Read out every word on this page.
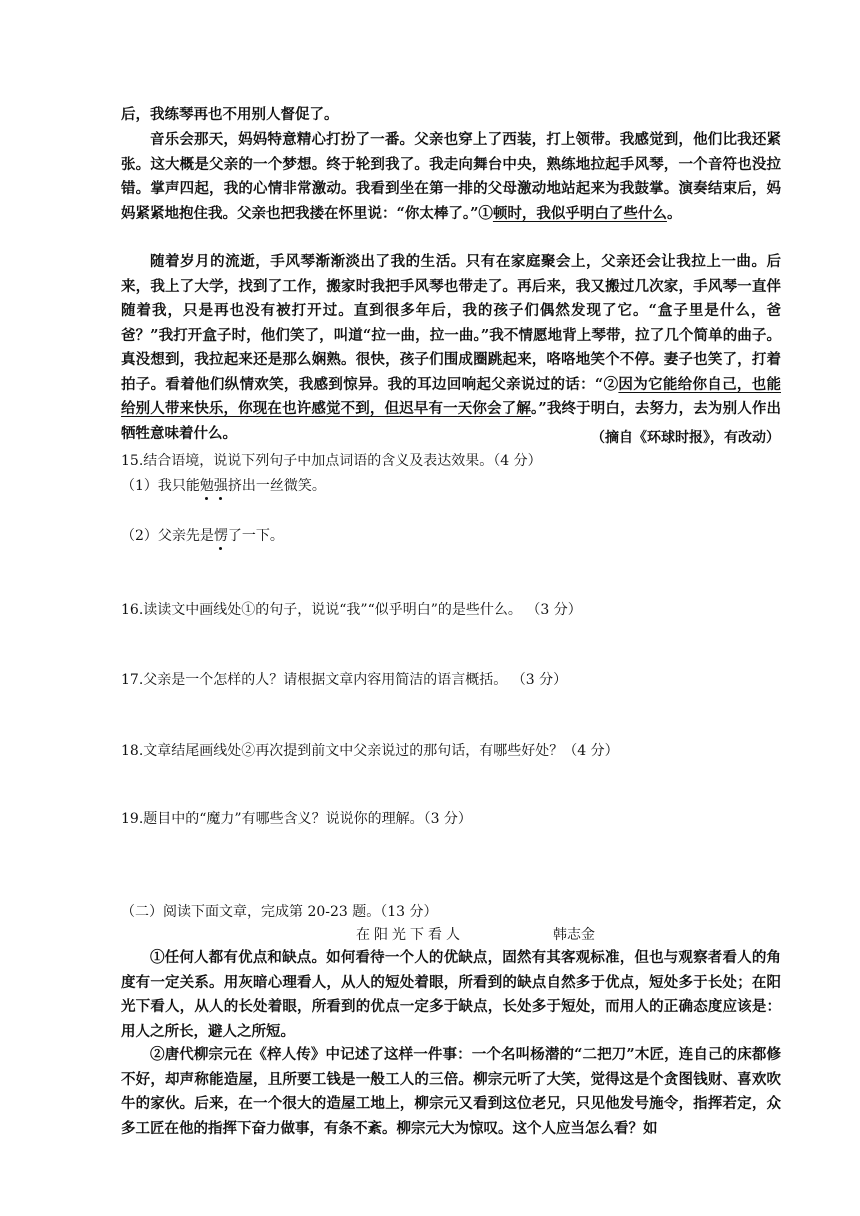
后，我练琴再也不用别人督促了。

音乐会那天，妈妈特意精心打扮了一番。父亲也穿上了西装，打上领带。我感觉到，他们比我还紧张。这大概是父亲的一个梦想。终于轮到我了。我走向舞台中央，熟练地拉起手风琴，一个音符也没拉错。掌声四起，我的心情非常激动。我看到坐在第一排的父母激动地站起来为我鼓掌。演奏结束后，妈妈紧紧地抱住我。父亲也把我搂在怀里说：“你太棒了。”①顿时，我似乎明白了些什么。

随着岁月的流逝，手风琴渐渐淡出了我的生活。只有在家庭聚会上，父亲还会让我拉上一曲。后来，我上了大学，找到了工作，搬家时我把手风琴也带走了。再后来，我又搬过几次家，手风琴一直伴随着我，只是再也没有被打开过。直到很多年后，我的孩子们偶然发现了它。“盒子里是什么，爸爸？”我打开盒子时，他们笑了，叫道“拉一曲，拉一曲。”我不情愿地背上琴带，拉了几个简单的曲子。真没想到，我拉起来还是那么娴熟。很快，孩子们围成圈跳起来，咯咯地笑个不停。妻子也笑了，打着拍子。看着他们纵情欢笑，我感到惊异。我的耳边回响起父亲说过的话：“②因为它能给你自己，也能给别人带来快乐，你现在也许感觉不到，但迟早有一天你会了解。”我终于明白，去努力，去为别人作出牺牲意味着什么。	（摘自《环球时报》，有改动）

15.结合语境，说说下列句子中加点词语的含义及表达效果。（4 分）

（1）我只能勉强挤出一丝微笑。

（2）父亲先是愣了一下。

16.读读文中画线处①的句子，说说“我”“似乎明白”的是些什么。 （3 分）

17.父亲是一个怎样的人？请根据文章内容用简洁的语言概括。 （3 分）

18.文章结尾画线处②再次提到前文中父亲说过的那句话，有哪些好处？（4 分）

19.题目中的“魔力”有哪些含义？说说你的理解。（3 分）

（二）阅读下面文章，完成第 20-23 题。（13 分）
在阳光下看人	韩志金

①任何人都有优点和缺点。如何看待一个人的优缺点，固然有其客观标准，但也与观察者看人的角度有一定关系。用灰暗心理看人，从人的短处着眼，所看到的缺点自然多于优点，短处多于长处；在阳光下看人，从人的长处着眼，所看到的优点一定多于缺点，长处多于短处，而用人的正确态度应该是：用人之所长，避人之所短。

②唐代柳宗元在《梓人传》中记述了这样一件事：一个名叫杨潜的“二把刀”木匠，连自己的床都修不好，却声称能造屋，且所要工钱是一般工人的三倍。柳宗元听了大笑，觉得这是个贪图钱财、喜欢吹牛的家伙。后来，在一个很大的造屋工地上，柳宗元又看到这位老兄，只见他发号施令，指挥若定，众多工匠在他的指挥下奋力做事，有条不紊。柳宗元大为惊叹。这个人应当怎么看？如
